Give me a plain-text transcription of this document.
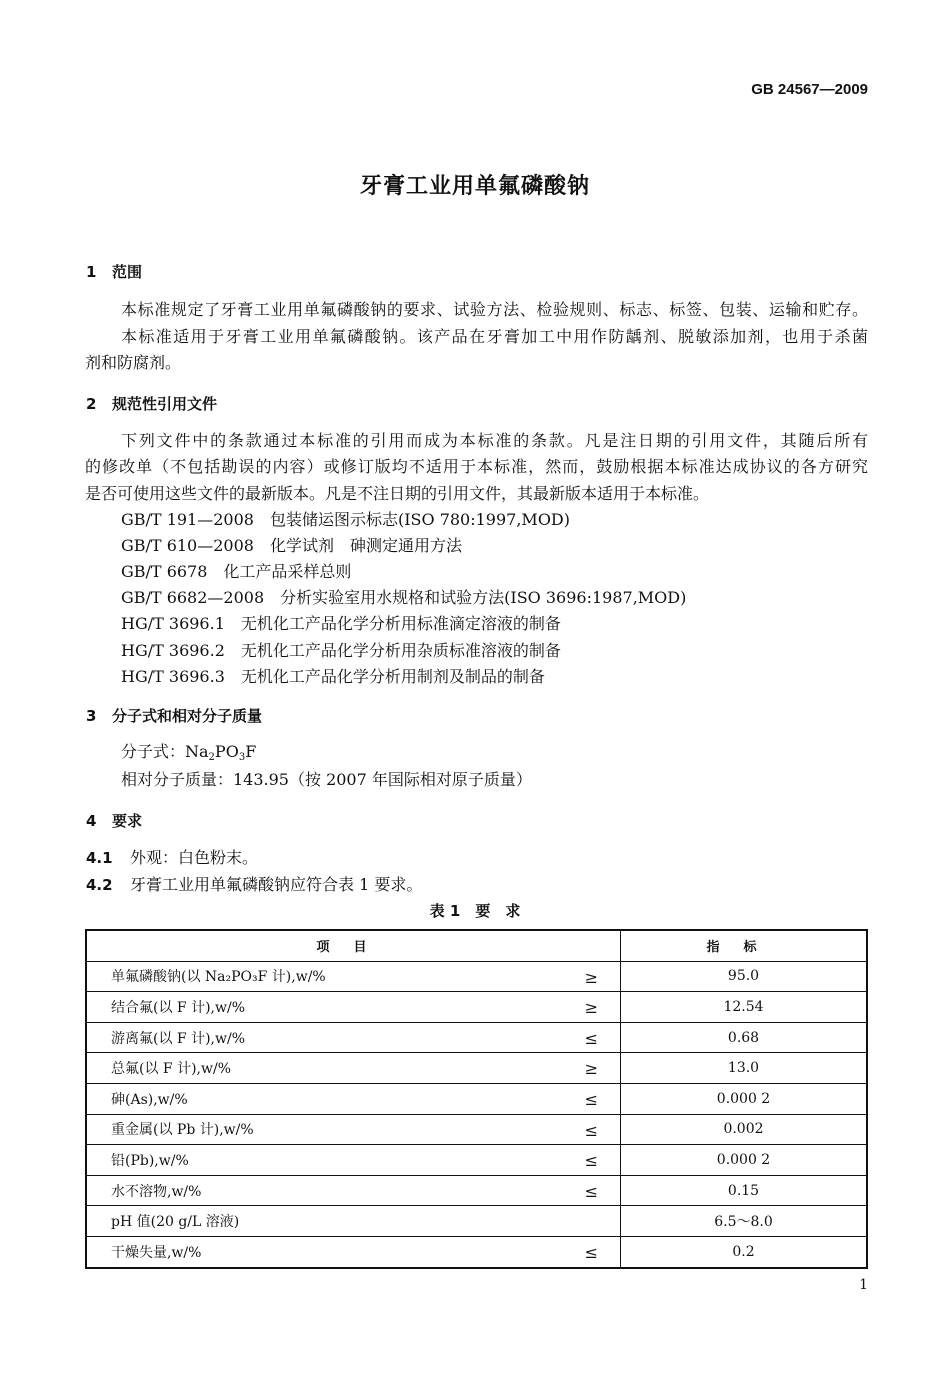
GB 24567—2009
牙膏工业用单氟磷酸钠
1 范围
本标准规定了牙膏工业用单氟磷酸钠的要求、试验方法、检验规则、标志、标签、包装、运输和贮存。
本标准适用于牙膏工业用单氟磷酸钠。该产品在牙膏加工中用作防龋剂、脱敏添加剂，也用于杀菌
剂和防腐剂。
2 规范性引用文件
下列文件中的条款通过本标准的引用而成为本标准的条款。凡是注日期的引用文件，其随后所有
的修改单（不包括勘误的内容）或修订版均不适用于本标准，然而，鼓励根据本标准达成协议的各方研究
是否可使用这些文件的最新版本。凡是不注日期的引用文件，其最新版本适用于本标准。
GB/T 191—2008　 包装储运图示标志(ISO 780:1997,MOD)
GB/T 610—2008　 化学试剂　砷测定通用方法
GB/T 6678　 化工产品采样总则
GB/T 6682—2008　 分析实验室用水规格和试验方法(ISO 3696:1987,MOD)
HG/T 3696.1　 无机化工产品化学分析用标准滴定溶液的制备
HG/T 3696.2　 无机化工产品化学分析用杂质标准溶液的制备
HG/T 3696.3　 无机化工产品化学分析用制剂及制品的制备
3 分子式和相对分子质量
分子式：$Na_2PO_3F$
相对分子质量：143.95（按 2007 年国际相对原子质量）
4 要求
4.1 外观：白色粉末。
4.2 牙膏工业用单氟磷酸钠应符合表 1 要求。
表 1　要　求
项目	指标
单氟磷酸钠(以 Na₂PO₃F 计),w/% ≥	95.0
结合氟(以 F 计),w/% ≥	12.54
游离氟(以 F 计),w/% ≤	0.68
总氟(以 F 计),w/% ≥	13.0
砷(As),w/% ≤	0.000 2
重金属(以 Pb 计),w/% ≤	0.002
铅(Pb),w/% ≤	0.000 2
水不溶物,w/% ≤	0.15
pH 值(20 g/L 溶液)	6.5～8.0
干燥失量,w/% ≤	0.2
1
